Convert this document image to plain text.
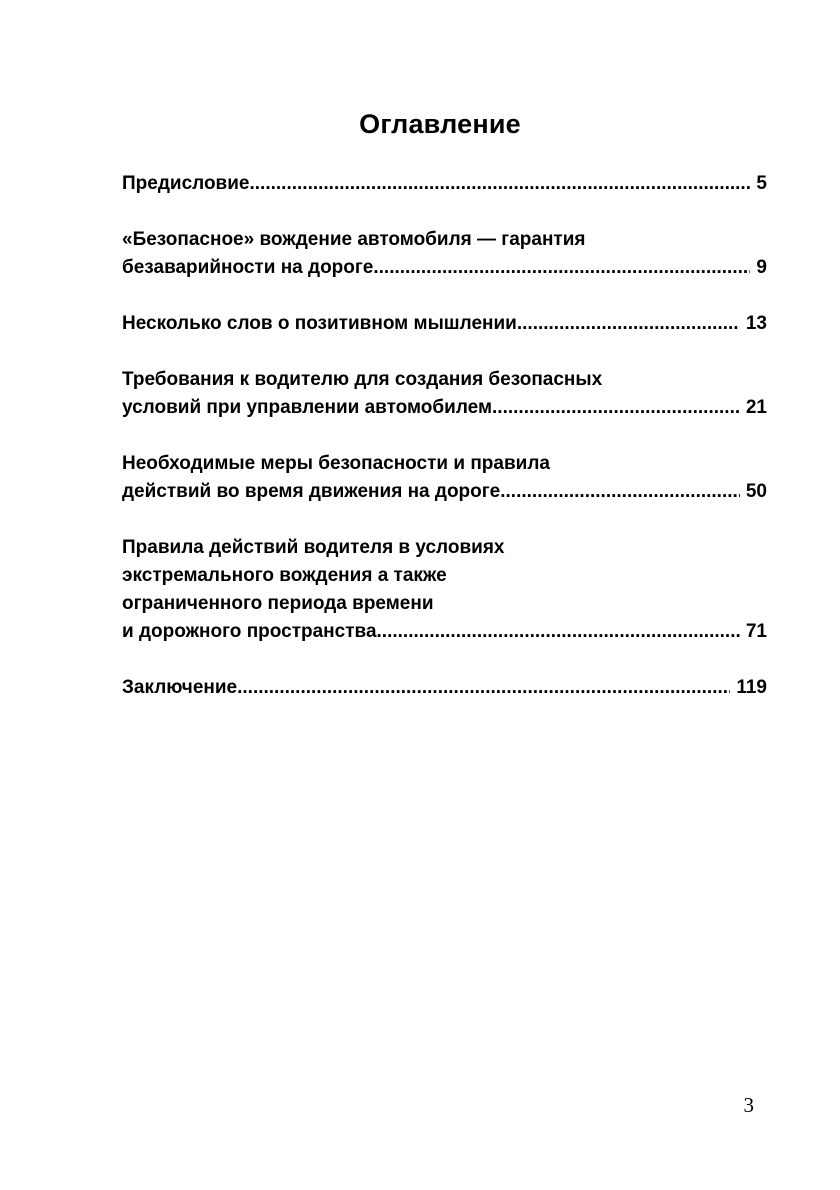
Оглавление
Предисловие .....	5
«Безопасное» вождение автомобиля — гарантия
безаварийности на дороге .....	9
Несколько слов о позитивном мышлении .....	13
Требования к водителю для создания безопасных
условий при управлении автомобилем .....	21
Необходимые меры безопасности и правила
действий во время движения на дороге .....	50
Правила действий водителя в условиях
экстремального вождения а также
ограниченного периода времени
и дорожного пространства .....	71
Заключение .....	119
3
